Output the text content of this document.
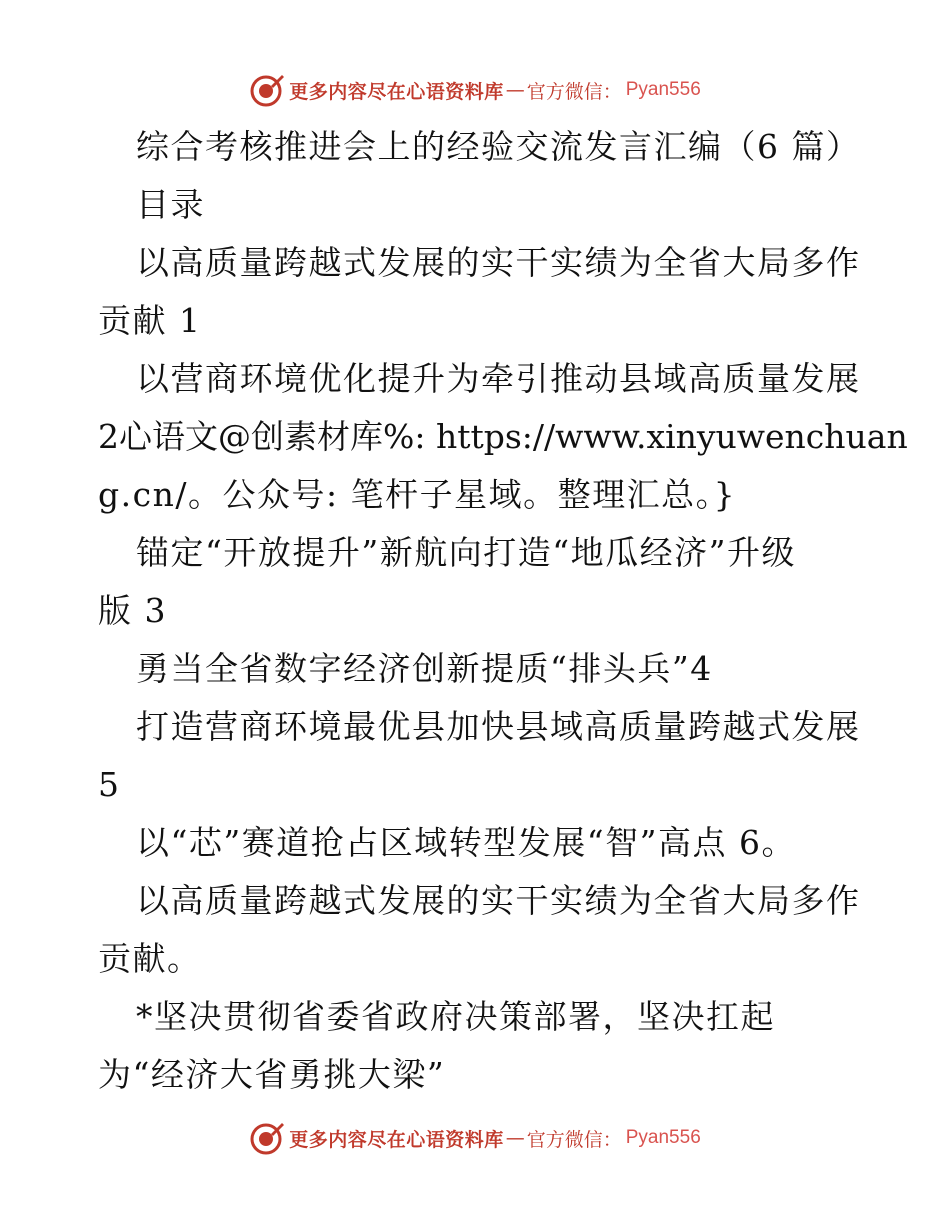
更多内容尽在心语资料库 — 官方微信： Pyan556
综合考核推进会上的经验交流发言汇编（6 篇）
目录
以高质量跨越式发展的实干实绩为全省大局多作
贡献 1
以营商环境优化提升为牵引推动县域高质量发展
2心语文@创素材库%: https://www.xinyuwenchuan
g.cn/。公众号: 笔杆子星域。整理汇总。}
锚定“开放提升”新航向打造“地瓜经济”升级
版 3
勇当全省数字经济创新提质“排头兵”4
打造营商环境最优县加快县域高质量跨越式发展
5
以“芯”赛道抢占区域转型发展“智”高点 6。
以高质量跨越式发展的实干实绩为全省大局多作
贡献。
*坚决贯彻省委省政府决策部署，坚决扛起
为“经济大省勇挑大梁”
更多内容尽在心语资料库 — 官方微信： Pyan556
